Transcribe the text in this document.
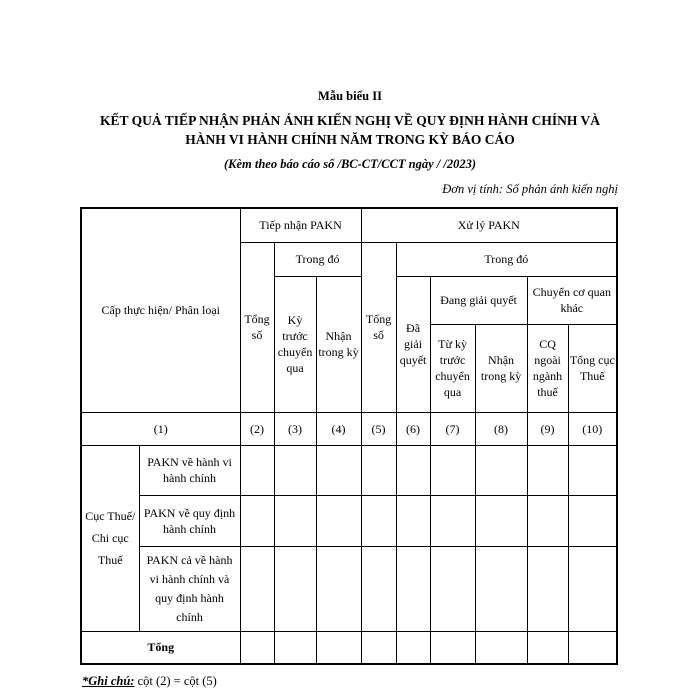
Mẫu biểu II
KẾT QUẢ TIẾP NHẬN PHẢN ÁNH KIẾN NGHỊ VỀ QUY ĐỊNH HÀNH CHÍNH VÀ
HÀNH VI HÀNH CHÍNH NĂM TRONG KỲ BÁO CÁO
(Kèm theo báo cáo số /BC-CT/CCT ngày / /2023)
Đơn vị tính: Số phản ánh kiến nghị
Cấp thực hiện/ Phân loại		Tiếp nhận PAKN			Xử lý PAKN					
		Tổng số	Trong đó		Tổng số	Trong đó				
			Kỳ trước chuyển qua	Nhận trong kỳ		Đã giải quyết	Đang giải quyết		Chuyển cơ quan khác	
							Từ kỳ trước chuyển qua	Nhận trong kỳ	CQ ngoài ngành thuế	Tổng cục Thuế
(1)		(2)	(3)	(4)	(5)	(6)	(7)	(8)	(9)	(10)
Cục Thuế/ Chi cục Thuế	PAKN về hành vi hành chính									
	PAKN về quy định hành chính									
	PAKN cả về hành vi hành chính và quy định hành chính									
Tổng										
*Ghi chú: cột (2) = cột (5)
